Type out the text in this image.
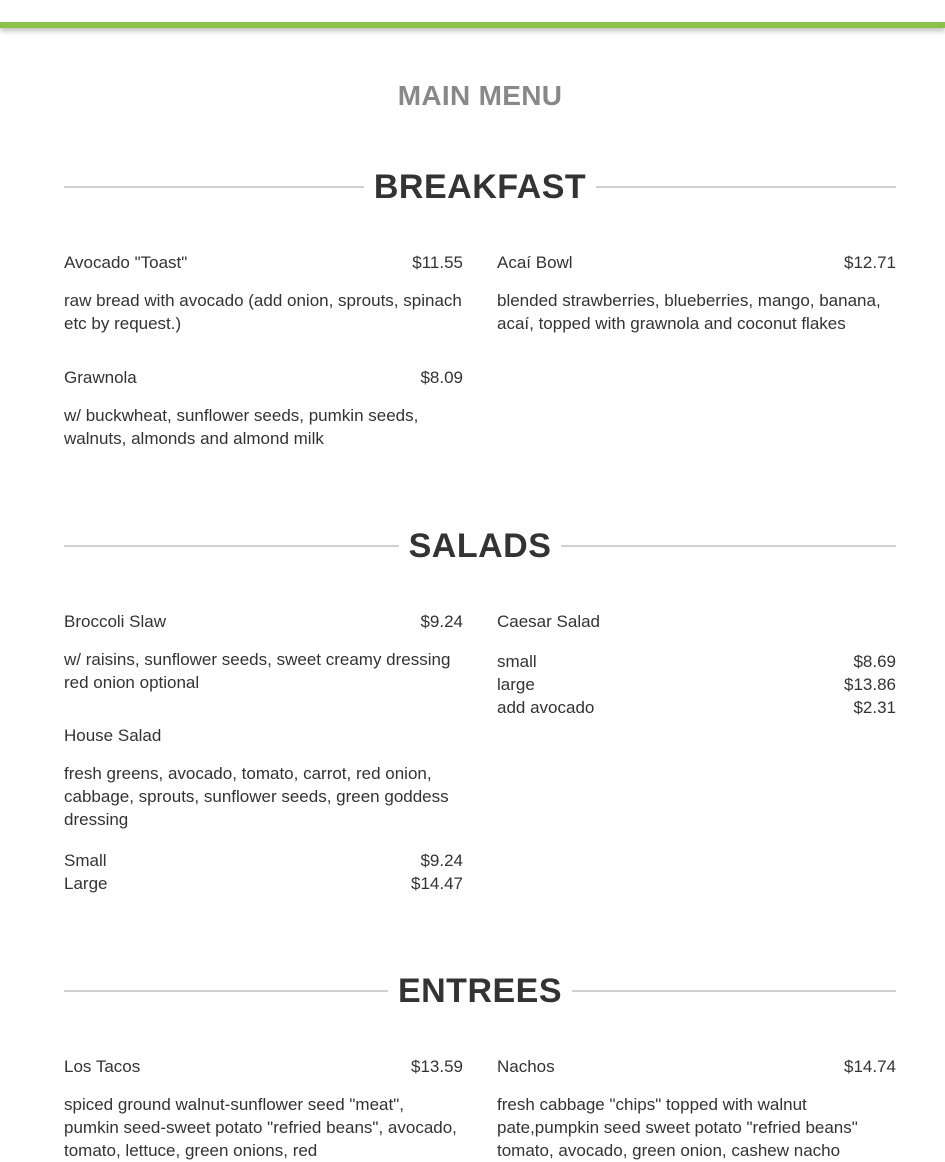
MAIN MENU
BREAKFAST
Avocado "Toast"	$11.55

raw bread with avocado (add onion, sprouts, spinach etc by request.)

Acaí Bowl	$12.71

blended strawberries, blueberries, mango, banana, acaí, topped with grawnola and coconut flakes

Grawnola	$8.09

w/ buckwheat, sunflower seeds, pumkin seeds, walnuts, almonds and almond milk

SALADS
Broccoli Slaw	$9.24

w/ raisins, sunflower seeds, sweet creamy dressing red onion optional

Caesar Salad
small	$8.69
large	$13.86
add avocado	$2.31
House Salad

fresh greens, avocado, tomato, carrot, red onion, cabbage, sprouts, sunflower seeds, green goddess dressing

Small	$9.24
Large	$14.47
ENTREES
Los Tacos	$13.59

spiced ground walnut-sunflower seed "meat", pumkin seed-sweet potato "refried beans", avocado, tomato, lettuce, green onions, red

Nachos	$14.74

fresh cabbage "chips" topped with walnut pate,pumpkin seed sweet potato "refried beans" tomato, avocado, green onion, cashew nacho
